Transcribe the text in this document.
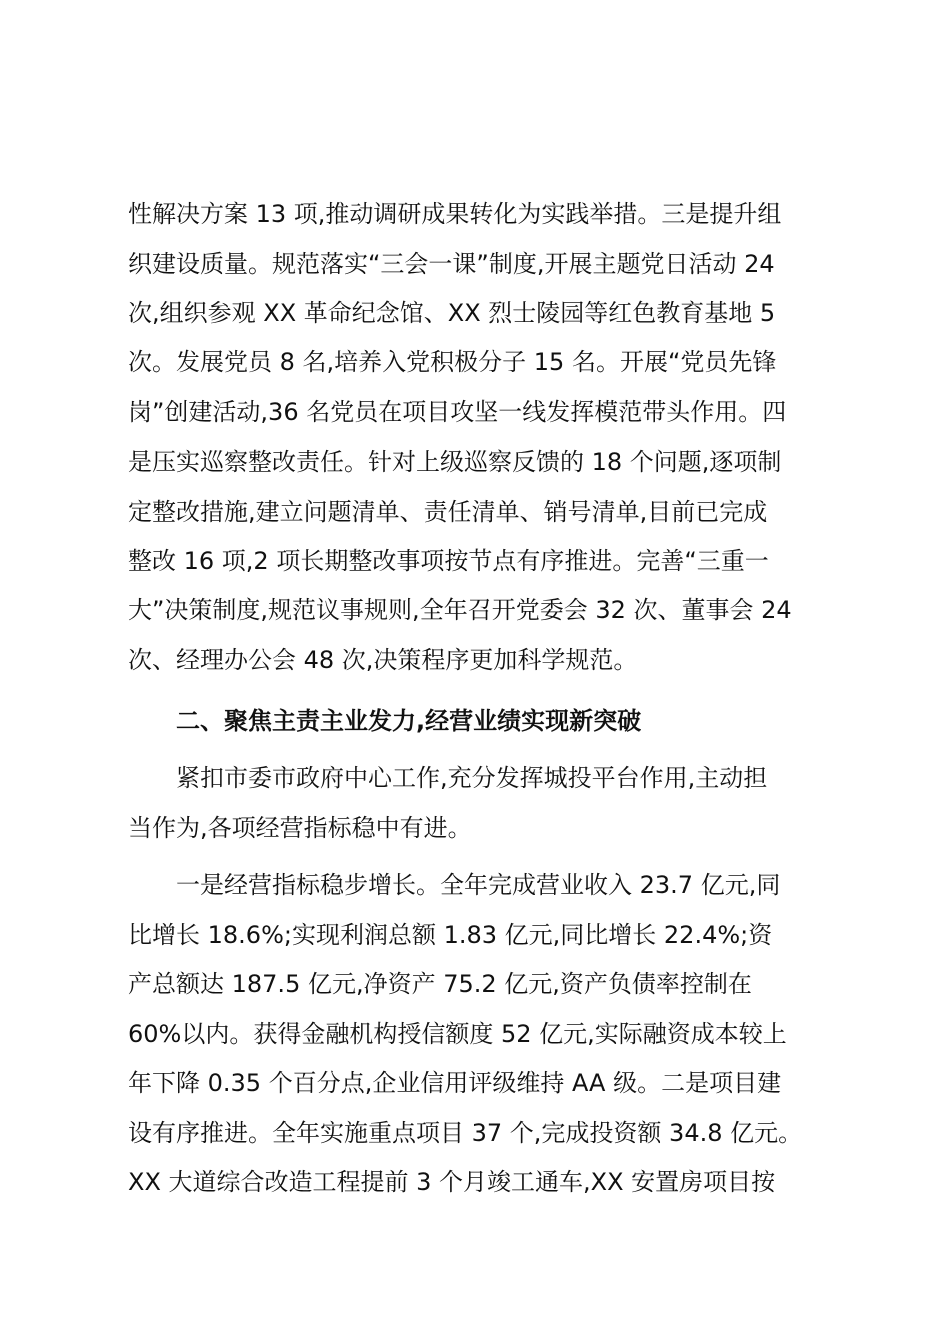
性解决方案 13 项,推动调研成果转化为实践举措。三是提升组
织建设质量。规范落实“三会一课”制度,开展主题党日活动 24
次,组织参观 XX 革命纪念馆、XX 烈士陵园等红色教育基地 5
次。发展党员 8 名,培养入党积极分子 15 名。开展“党员先锋
岗”创建活动,36 名党员在项目攻坚一线发挥模范带头作用。四
是压实巡察整改责任。针对上级巡察反馈的 18 个问题,逐项制
定整改措施,建立问题清单、责任清单、销号清单,目前已完成
整改 16 项,2 项长期整改事项按节点有序推进。完善“三重一
大”决策制度,规范议事规则,全年召开党委会 32 次、董事会 24
次、经理办公会 48 次,决策程序更加科学规范。
二、聚焦主责主业发力,经营业绩实现新突破
紧扣市委市政府中心工作,充分发挥城投平台作用,主动担
当作为,各项经营指标稳中有进。
一是经营指标稳步增长。全年完成营业收入 23.7 亿元,同
比增长 18.6%;实现利润总额 1.83 亿元,同比增长 22.4%;资
产总额达 187.5 亿元,净资产 75.2 亿元,资产负债率控制在
60%以内。获得金融机构授信额度 52 亿元,实际融资成本较上
年下降 0.35 个百分点,企业信用评级维持 AA 级。二是项目建
设有序推进。全年实施重点项目 37 个,完成投资额 34.8 亿元。
XX 大道综合改造工程提前 3 个月竣工通车,XX 安置房项目按
